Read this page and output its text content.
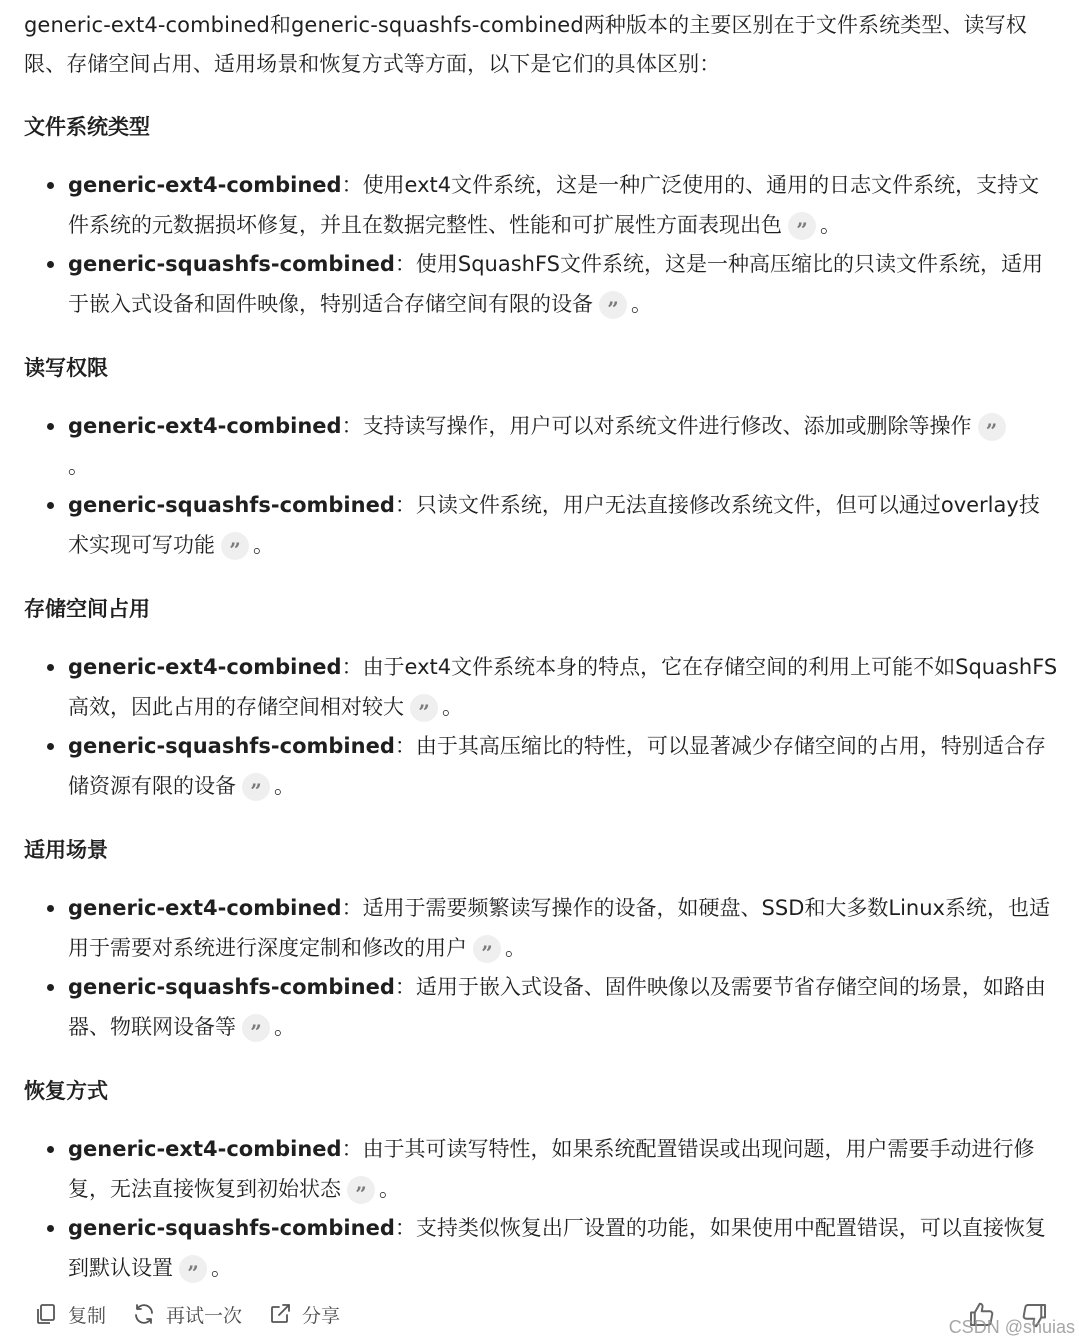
generic-ext4-combined和generic-squashfs-combined两种版本的主要区别在于文件系统类型、读写权限、存储空间占用、适用场景和恢复方式等方面，以下是它们的具体区别：

文件系统类型
generic-ext4-combined：使用ext4文件系统，这是一种广泛使用的、通用的日志文件系统，支持文件系统的元数据损坏修复，并且在数据完整性、性能和可扩展性方面表现出色 ” 。
generic-squashfs-combined：使用SquashFS文件系统，这是一种高压缩比的只读文件系统，适用于嵌入式设备和固件映像，特别适合存储空间有限的设备 ” 。
读写权限
generic-ext4-combined：支持读写操作，用户可以对系统文件进行修改、添加或删除等操作 ”
。
generic-squashfs-combined：只读文件系统，用户无法直接修改系统文件，但可以通过overlay技术实现可写功能 ” 。
存储空间占用
generic-ext4-combined：由于ext4文件系统本身的特点，它在存储空间的利用上可能不如SquashFS高效，因此占用的存储空间相对较大 ” 。
generic-squashfs-combined：由于其高压缩比的特性，可以显著减少存储空间的占用，特别适合存储资源有限的设备 ” 。
适用场景
generic-ext4-combined：适用于需要频繁读写操作的设备，如硬盘、SSD和大多数Linux系统，也适用于需要对系统进行深度定制和修改的用户 ” 。
generic-squashfs-combined：适用于嵌入式设备、固件映像以及需要节省存储空间的场景，如路由器、物联网设备等 ” 。
恢复方式
generic-ext4-combined：由于其可读写特性，如果系统配置错误或出现问题，用户需要手动进行修复，无法直接恢复到初始状态 ” 。
generic-squashfs-combined：支持类似恢复出厂设置的功能，如果使用中配置错误，可以直接恢复到默认设置 ” 。
复制	再试一次	分享
CSDN @shuias
